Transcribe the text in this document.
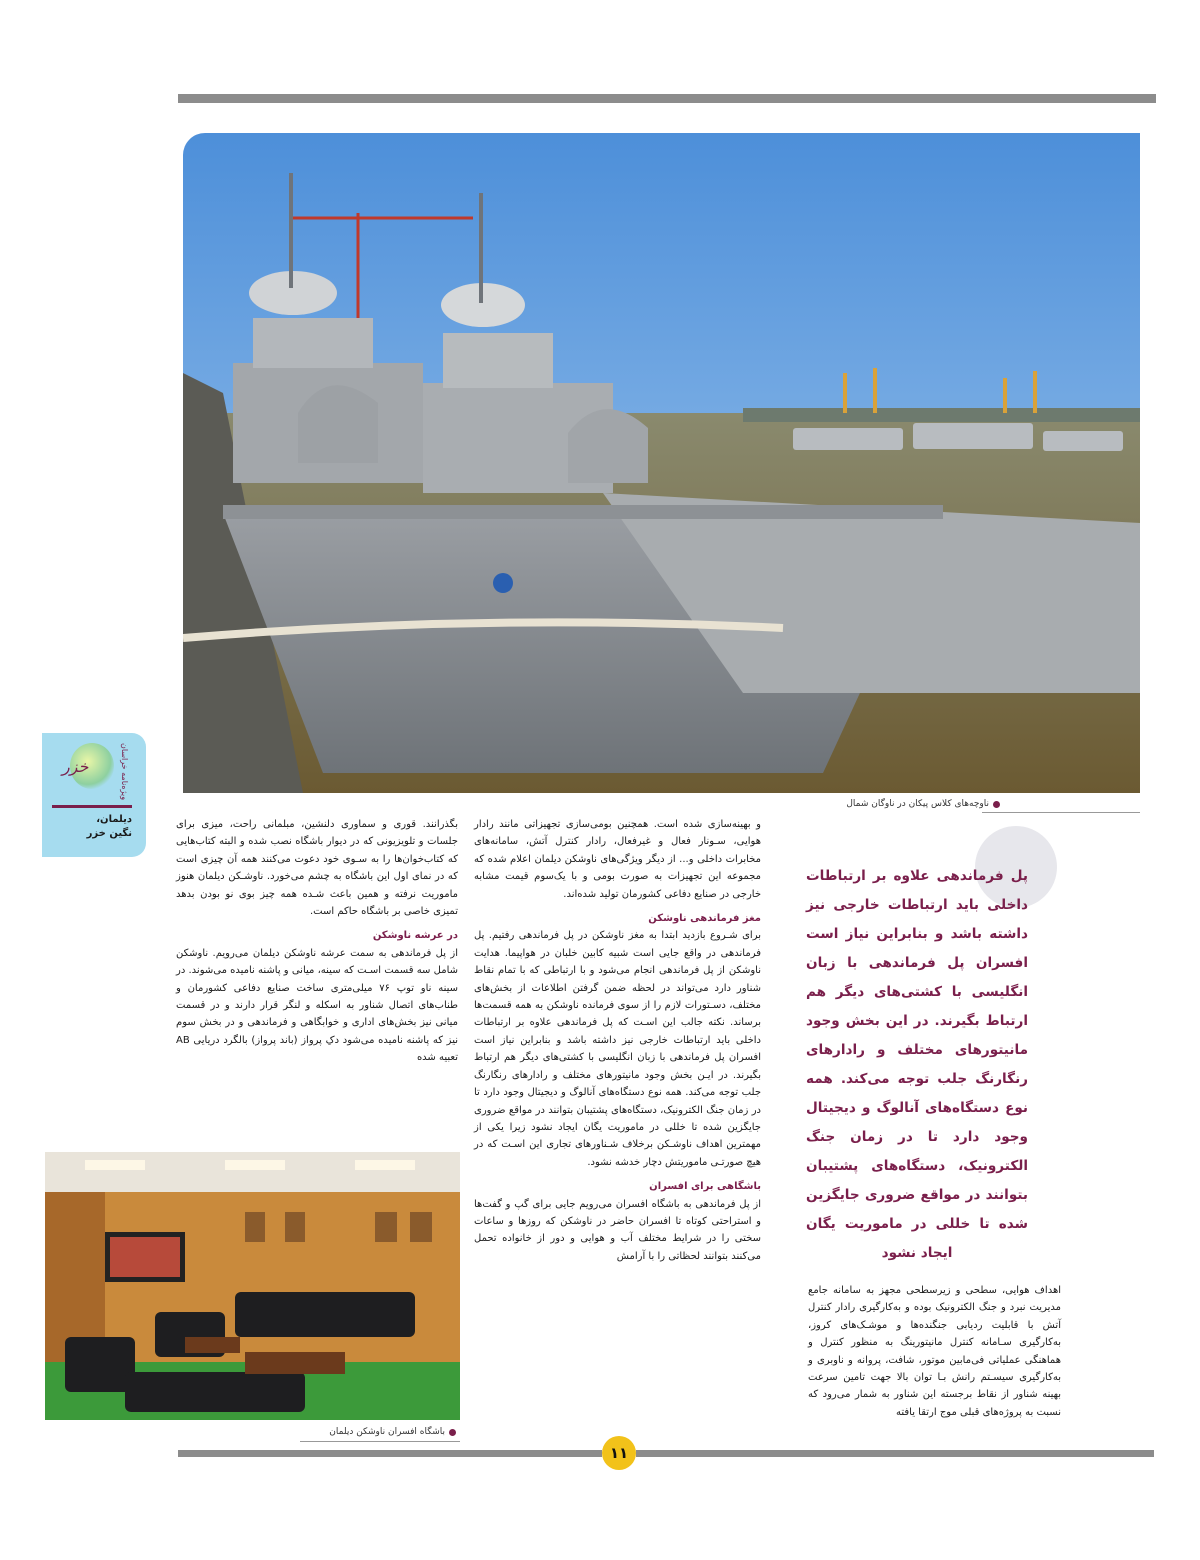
ناوچه‌های کلاس پیکان در ناوگان شمال
خزر	ویژه‌نامه خراسان
دیلمان،
نگین خزر
پل فرماندهی علاوه بر ارتباطات داخلی باید ارتباطات خارجی نیز داشته باشد و بنابراین نیاز است افسران پل فرماندهی با زبان انگلیسی با کشتی‌های دیگر هم ارتباط بگیرند. در این بخش وجود مانیتورهای مختلف و رادارهای رنگارنگ جلب توجه می‌کند. همه نوع دستگاه‌های آنالوگ و دیجیتال وجود دارد تا در زمان جنگ الکترونیک، دستگاه‌های پشتیبان بتوانند در مواقع ضروری جایگزین شده تا خللی در ماموریت یگان ایجاد نشود

اهداف هوایی، سطحی و زیرسطحی مجهز به سامانه جامع مدیریت نبرد و جنگ الکترونیک بوده و به‌کارگیری رادار کنترل آتش با قابلیت ردیابی جنگنده‌ها و موشـک‌های کروز، به‌کارگیری سـامانه کنترل مانیتورینگ به منظور کنترل و هماهنگی عملیاتی فی‌مابین موتور، شافت، پروانه و ناوبری و به‌کارگیری سیسـتم رانش بـا توان بالا جهت تامین سرعت بهینه شناور از نقاط برجسته این شناور به شمار می‌رود که نسبت به پروژه‌های قبلی موج ارتقا یافته

و بهینه‌سازی شده است. همچنین بومی‌سازی تجهیزاتی مانند رادار هوایی، سـونار فعال و غیرفعال، رادار کنترل آتش، سامانه‌های مخابرات داخلی و... از دیگر ویژگی‌های ناوشکن دیلمان اعلام شده که مجموعه این تجهیزات به صورت بومی و با یک‌سوم قیمت مشابه خارجی در صنایع دفاعی کشورمان تولید شده‌اند.

مغز فرماندهی ناوشکن

برای شـروع بازدید ابتدا به مغز ناوشکن در پل فرماندهی رفتیم. پل فرماندهی در واقع جایی است شبیه کابین خلبان در هواپیما. هدایت ناوشکن از پل فرماندهی انجام می‌شود و با ارتباطی که با تمام نقاط شناور دارد می‌تواند در لحظه ضمن گرفتن اطلاعات از بخش‌های مختلف، دسـتورات لازم را از سوی فرمانده ناوشکن به همه قسمت‌ها برساند. نکته جالب این اسـت که پل فرماندهی علاوه بر ارتباطات داخلی باید ارتباطات خارجی نیز داشته باشد و بنابراین نیاز است افسران پل فرماندهی با زبان انگلیسی با کشتی‌های دیگر هم ارتباط بگیرند. در ایـن بخش وجود مانیتورهای مختلف و رادارهای رنگارنگ جلب توجه می‌کند. همه نوع دستگاه‌های آنالوگ و دیجیتال وجود دارد تا در زمان جنگ الکترونیک، دستگاه‌های پشتیبان بتوانند در مواقع ضروری جایگزین شده تا خللی در ماموریت یگان ایجاد نشود زیرا یکی از مهمترین اهداف ناوشـکن برخلاف شـناورهای تجاری این اسـت که در هیچ صورتـی ماموریتش دچار خدشه نشود.

باشگاهی برای افسران

از پل فرماندهی به باشگاه افسران می‌رویم جایی برای گپ و گفت‌ها و استراحتی کوتاه تا افسران حاضر در ناوشکن که روزها و ساعات سختی را در شرایط مختلف آب و هوایی و دور از خانواده تحمل می‌کنند بتوانند لحظاتی را با آرامش

بگذرانند. قوری و سماوری دلنشین، مبلمانی راحت، میزی برای جلسات و تلویزیونی که در دیوار باشگاه نصب شده و البته کتاب‌هایی که کتاب‌خوان‌ها را به سـوی خود دعوت می‌کنند همه آن چیزی است که در نمای اول این باشگاه به چشم می‌خورد. ناوشـکن دیلمان هنوز ماموریت نرفته و همین باعث شـده همه چیز بوی نو بودن بدهد تمیزی خاصی بر باشگاه حاکم است.

در عرشه ناوشکن

از پل فرماندهی به سمت عرشه ناوشکن دیلمان می‌رویم. ناوشکن شامل سه قسمت اسـت که سینه، میانی و پاشنه نامیده می‌شوند. در سینه ناو توپ ۷۶ میلی‌متری ساخت صنایع دفاعی کشورمان و طناب‌های اتصال شناور به اسکله و لنگر قرار دارند و در قسمت میانی نیز بخش‌های اداری و خوابگاهی و فرماندهی و در بخش سوم نیز که پاشنه نامیده می‌شود دکِ پرواز (باند پرواز) بالگرد دریایی AB تعبیه شده

باشگاه افسران ناوشکن دیلمان
۱۱
